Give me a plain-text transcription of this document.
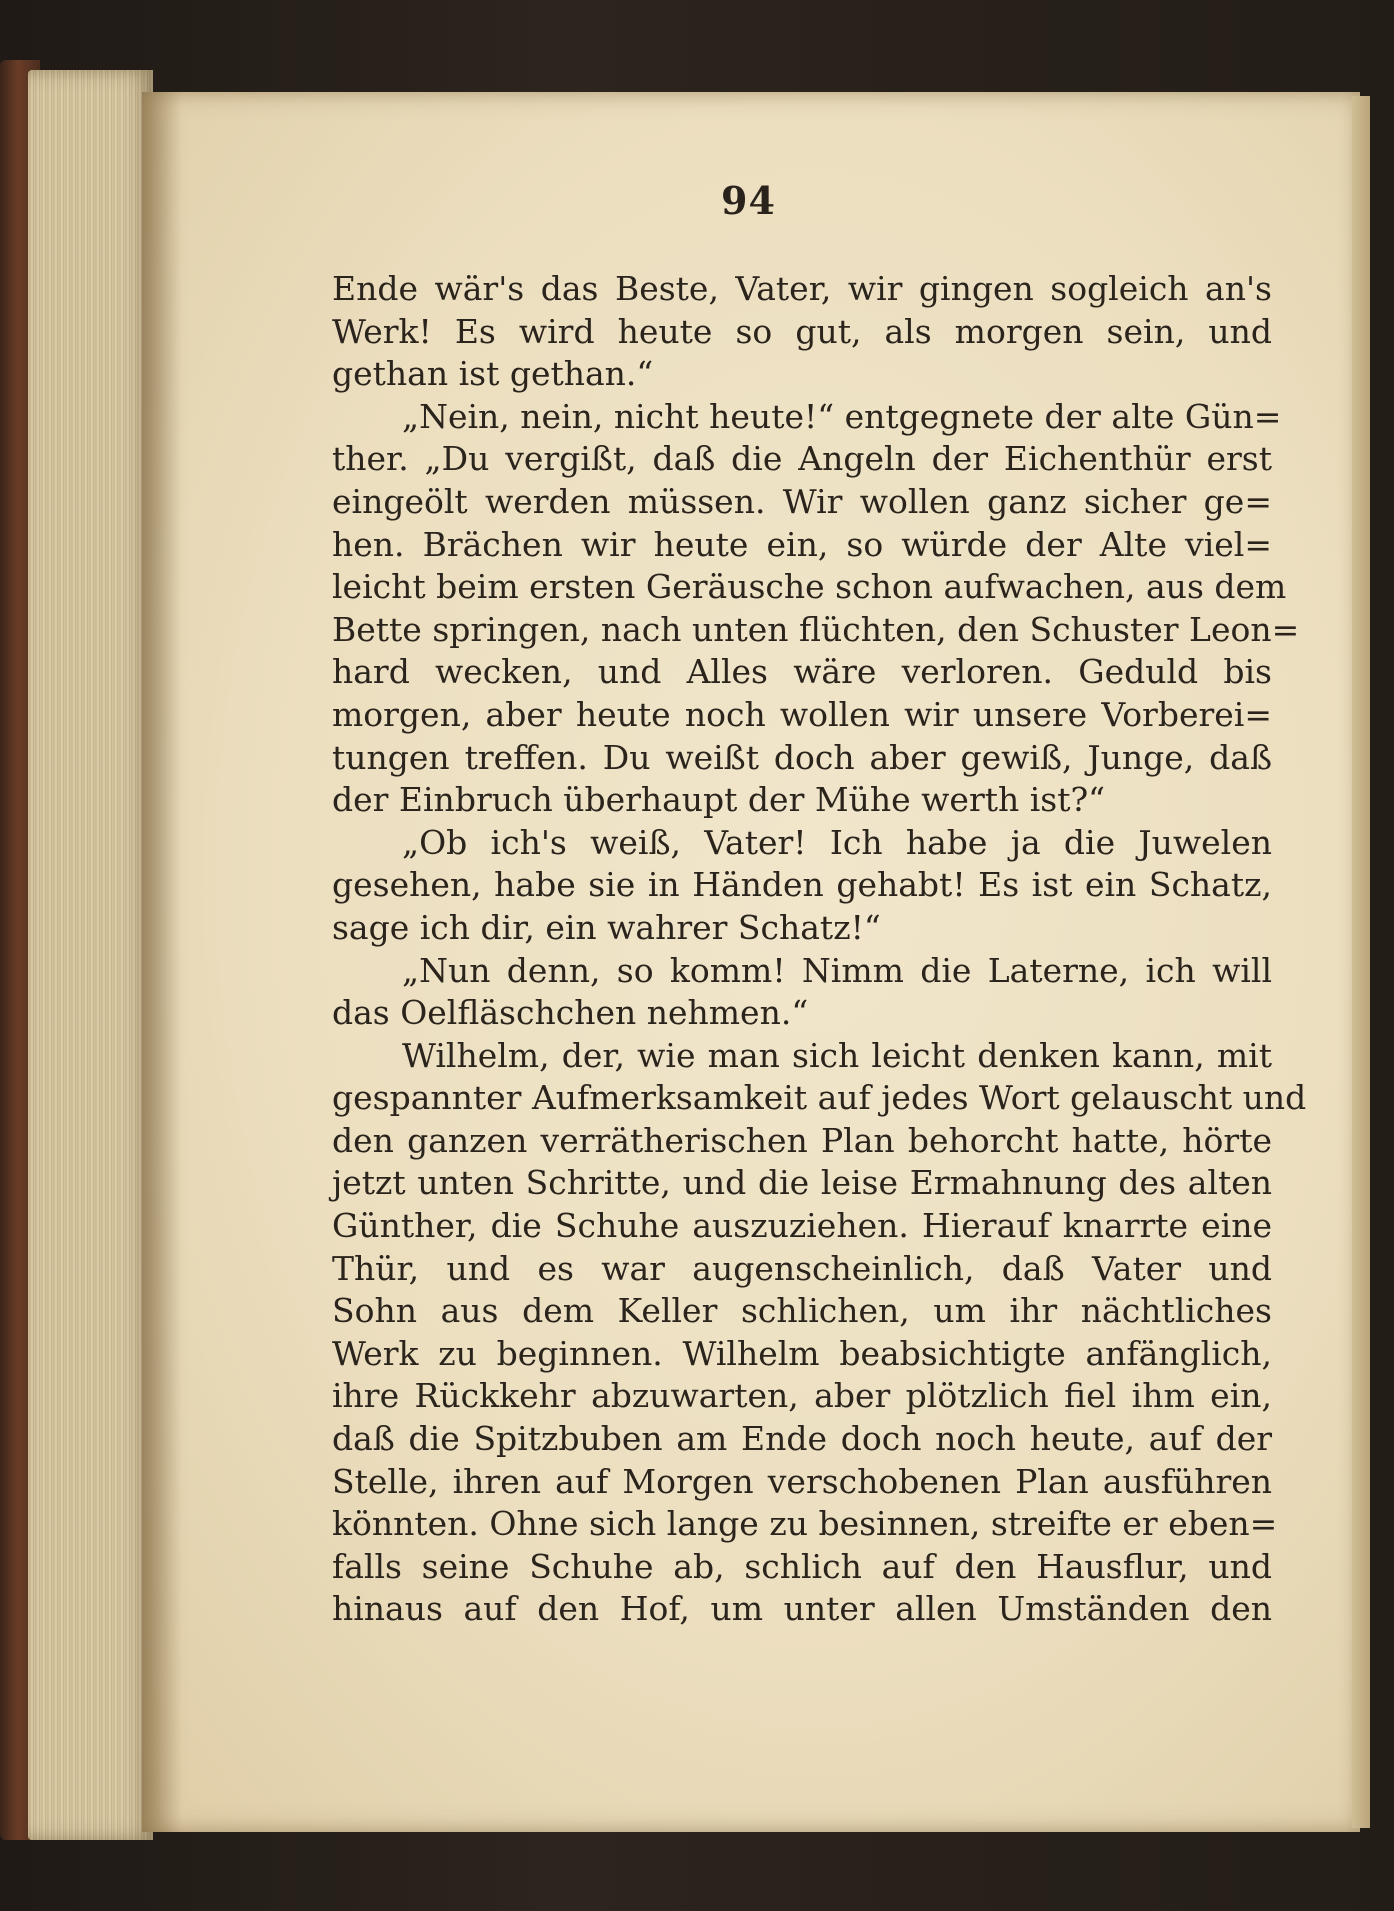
94
Ende wär's das Beste, Vater, wir gingen sogleich an's
Werk! Es wird heute so gut, als morgen sein, und
gethan ist gethan.“
„Nein, nein, nicht heute!“ entgegnete der alte Gün=
ther. „Du vergißt, daß die Angeln der Eichenthür erst
eingeölt werden müssen. Wir wollen ganz sicher ge=
hen. Brächen wir heute ein, so würde der Alte viel=
leicht beim ersten Geräusche schon aufwachen, aus dem
Bette springen, nach unten flüchten, den Schuster Leon=
hard wecken, und Alles wäre verloren. Geduld bis
morgen, aber heute noch wollen wir unsere Vorberei=
tungen treffen. Du weißt doch aber gewiß, Junge, daß
der Einbruch überhaupt der Mühe werth ist?“
„Ob ich's weiß, Vater! Ich habe ja die Juwelen
gesehen, habe sie in Händen gehabt! Es ist ein Schatz,
sage ich dir, ein wahrer Schatz!“
„Nun denn, so komm! Nimm die Laterne, ich will
das Oelfläschchen nehmen.“
Wilhelm, der, wie man sich leicht denken kann, mit
gespannter Aufmerksamkeit auf jedes Wort gelauscht und
den ganzen verrätherischen Plan behorcht hatte, hörte
jetzt unten Schritte, und die leise Ermahnung des alten
Günther, die Schuhe auszuziehen. Hierauf knarrte eine
Thür, und es war augenscheinlich, daß Vater und
Sohn aus dem Keller schlichen, um ihr nächtliches
Werk zu beginnen. Wilhelm beabsichtigte anfänglich,
ihre Rückkehr abzuwarten, aber plötzlich fiel ihm ein,
daß die Spitzbuben am Ende doch noch heute, auf der
Stelle, ihren auf Morgen verschobenen Plan ausführen
könnten. Ohne sich lange zu besinnen, streifte er eben=
falls seine Schuhe ab, schlich auf den Hausflur, und
hinaus auf den Hof, um unter allen Umständen den
